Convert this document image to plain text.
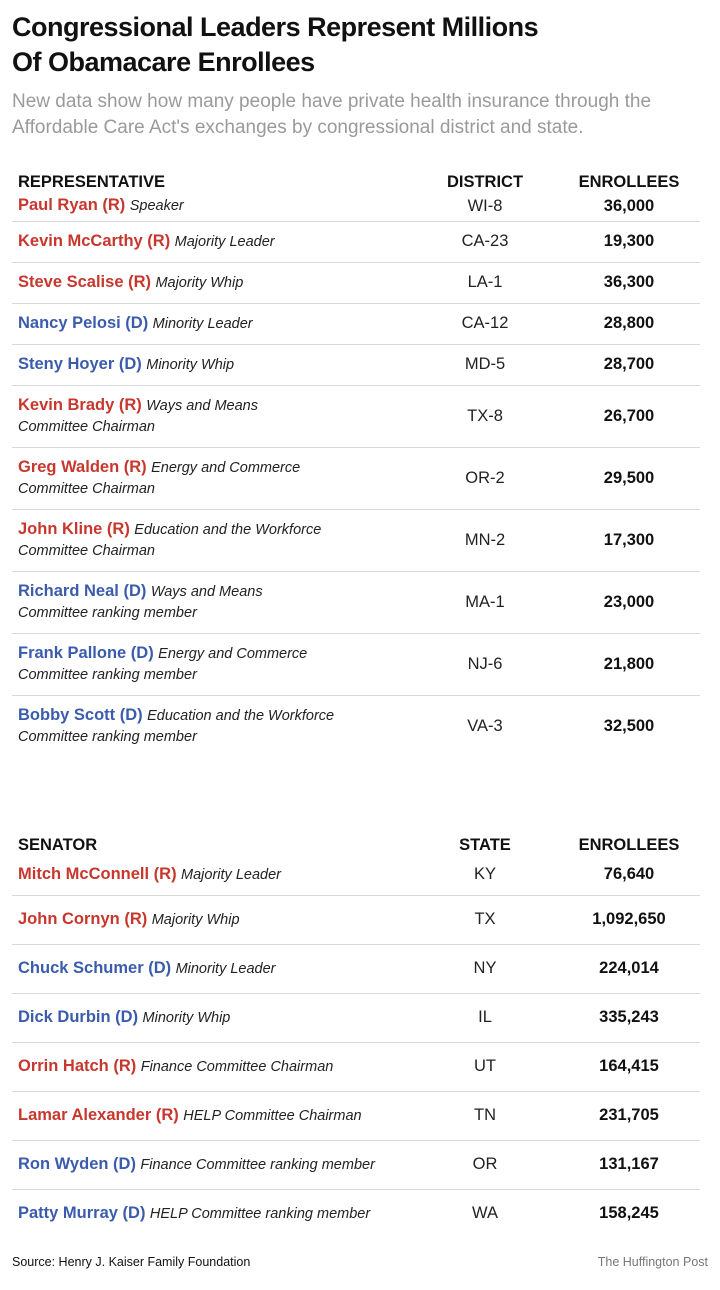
Congressional Leaders Represent Millions
Of Obamacare Enrollees
New data show how many people have private health insurance through the Affordable Care Act's exchanges by congressional district and state.
REPRESENTATIVE	DISTRICT	ENROLLEES
Paul Ryan (R) Speaker	WI-8	36,000
Kevin McCarthy (R) Majority Leader	CA-23	19,300
Steve Scalise (R) Majority Whip	LA-1	36,300
Nancy Pelosi (D) Minority Leader	CA-12	28,800
Steny Hoyer (D) Minority Whip	MD-5	28,700
Kevin Brady (R) Ways and Means
Committee Chairman	TX-8	26,700
Greg Walden (R) Energy and Commerce
Committee Chairman	OR-2	29,500
John Kline (R) Education and the Workforce
Committee Chairman	MN-2	17,300
Richard Neal (D) Ways and Means
Committee ranking member	MA-1	23,000
Frank Pallone (D) Energy and Commerce
Committee ranking member	NJ-6	21,800
Bobby Scott (D) Education and the Workforce
Committee ranking member	VA-3	32,500
SENATOR	STATE	ENROLLEES
Mitch McConnell (R) Majority Leader	KY	76,640
John Cornyn (R) Majority Whip	TX	1,092,650
Chuck Schumer (D) Minority Leader	NY	224,014
Dick Durbin (D) Minority Whip	IL	335,243
Orrin Hatch (R) Finance Committee Chairman	UT	164,415
Lamar Alexander (R) HELP Committee Chairman	TN	231,705
Ron Wyden (D) Finance Committee ranking member	OR	131,167
Patty Murray (D) HELP Committee ranking member	WA	158,245
Source: Henry J. Kaiser Family Foundation	The Huffington Post
